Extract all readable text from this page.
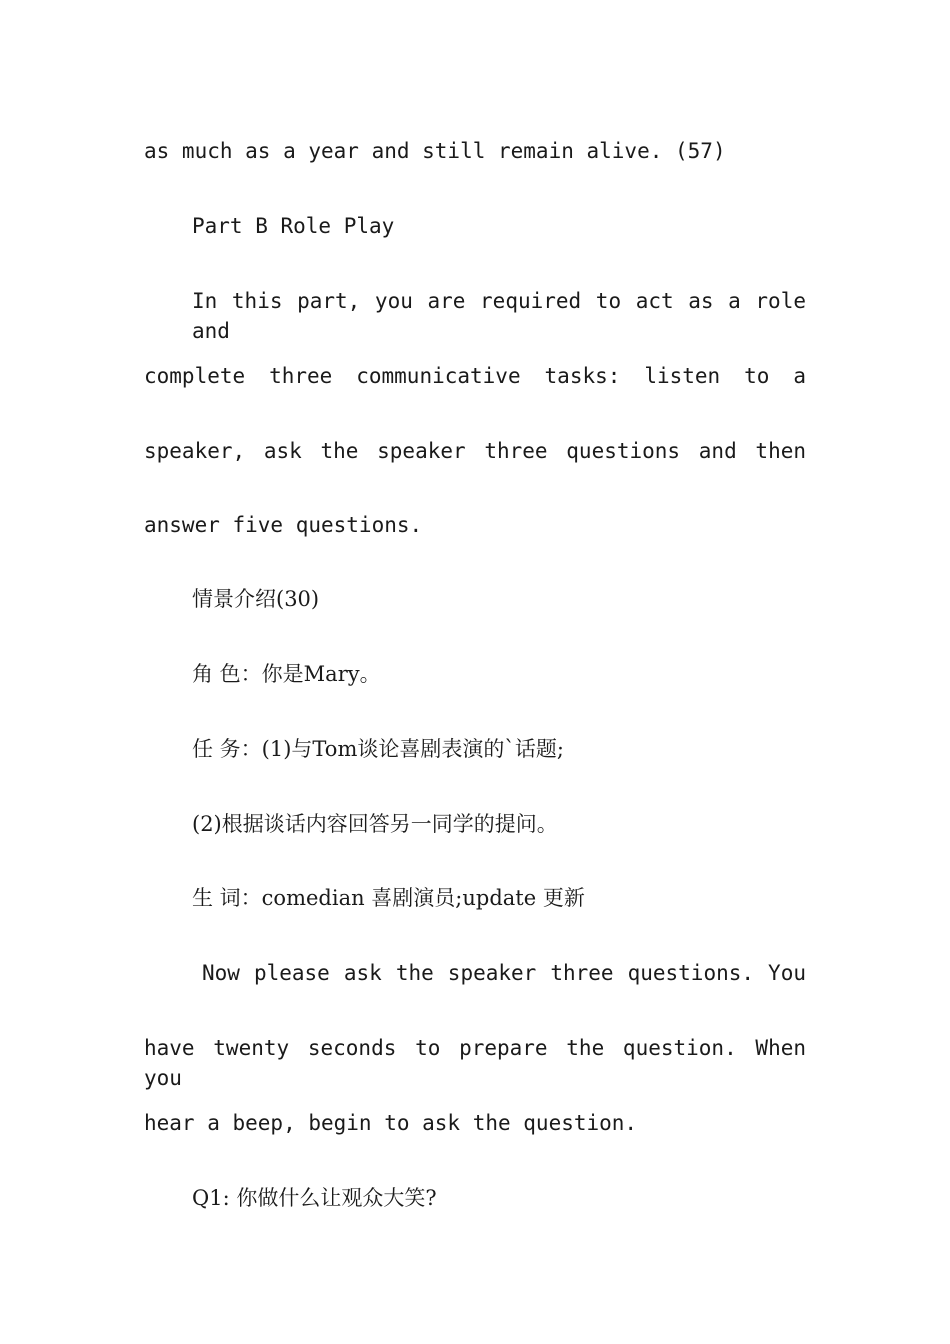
as much as a year and still remain alive. (57)
Part B Role Play
In this part, you are required to act as a role and
complete three communicative tasks: listen to a
speaker, ask the speaker three questions and then
answer five questions.
情景介绍(30)
角 色：你是Mary。
任 务：(1)与Tom谈论喜剧表演的`话题;
(2)根据谈话内容回答另一同学的提问。
生 词：comedian 喜剧演员;update 更新
Now please ask the speaker three questions. You
have twenty seconds to prepare the question. When you
hear a beep, begin to ask the question.
Q1: 你做什么让观众大笑?
